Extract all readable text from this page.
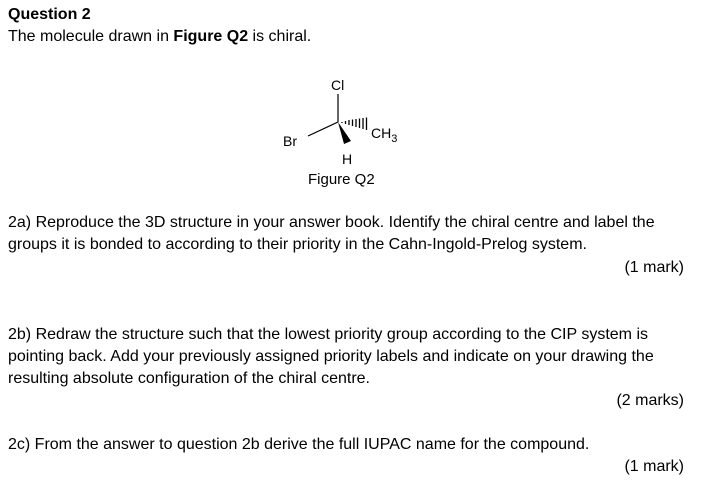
Question 2
The molecule drawn in Figure Q2 is chiral.
Cl
Br	$CH_3$
H
Figure Q2
2a) Reproduce the 3D structure in your answer book. Identify the chiral centre and label the groups it is bonded to according to their priority in the Cahn-Ingold-Prelog system.
(1 mark)
2b) Redraw the structure such that the lowest priority group according to the CIP system is pointing back. Add your previously assigned priority labels and indicate on your drawing the resulting absolute configuration of the chiral centre.
(2 marks)
2c) From the answer to question 2b derive the full IUPAC name for the compound.
(1 mark)
